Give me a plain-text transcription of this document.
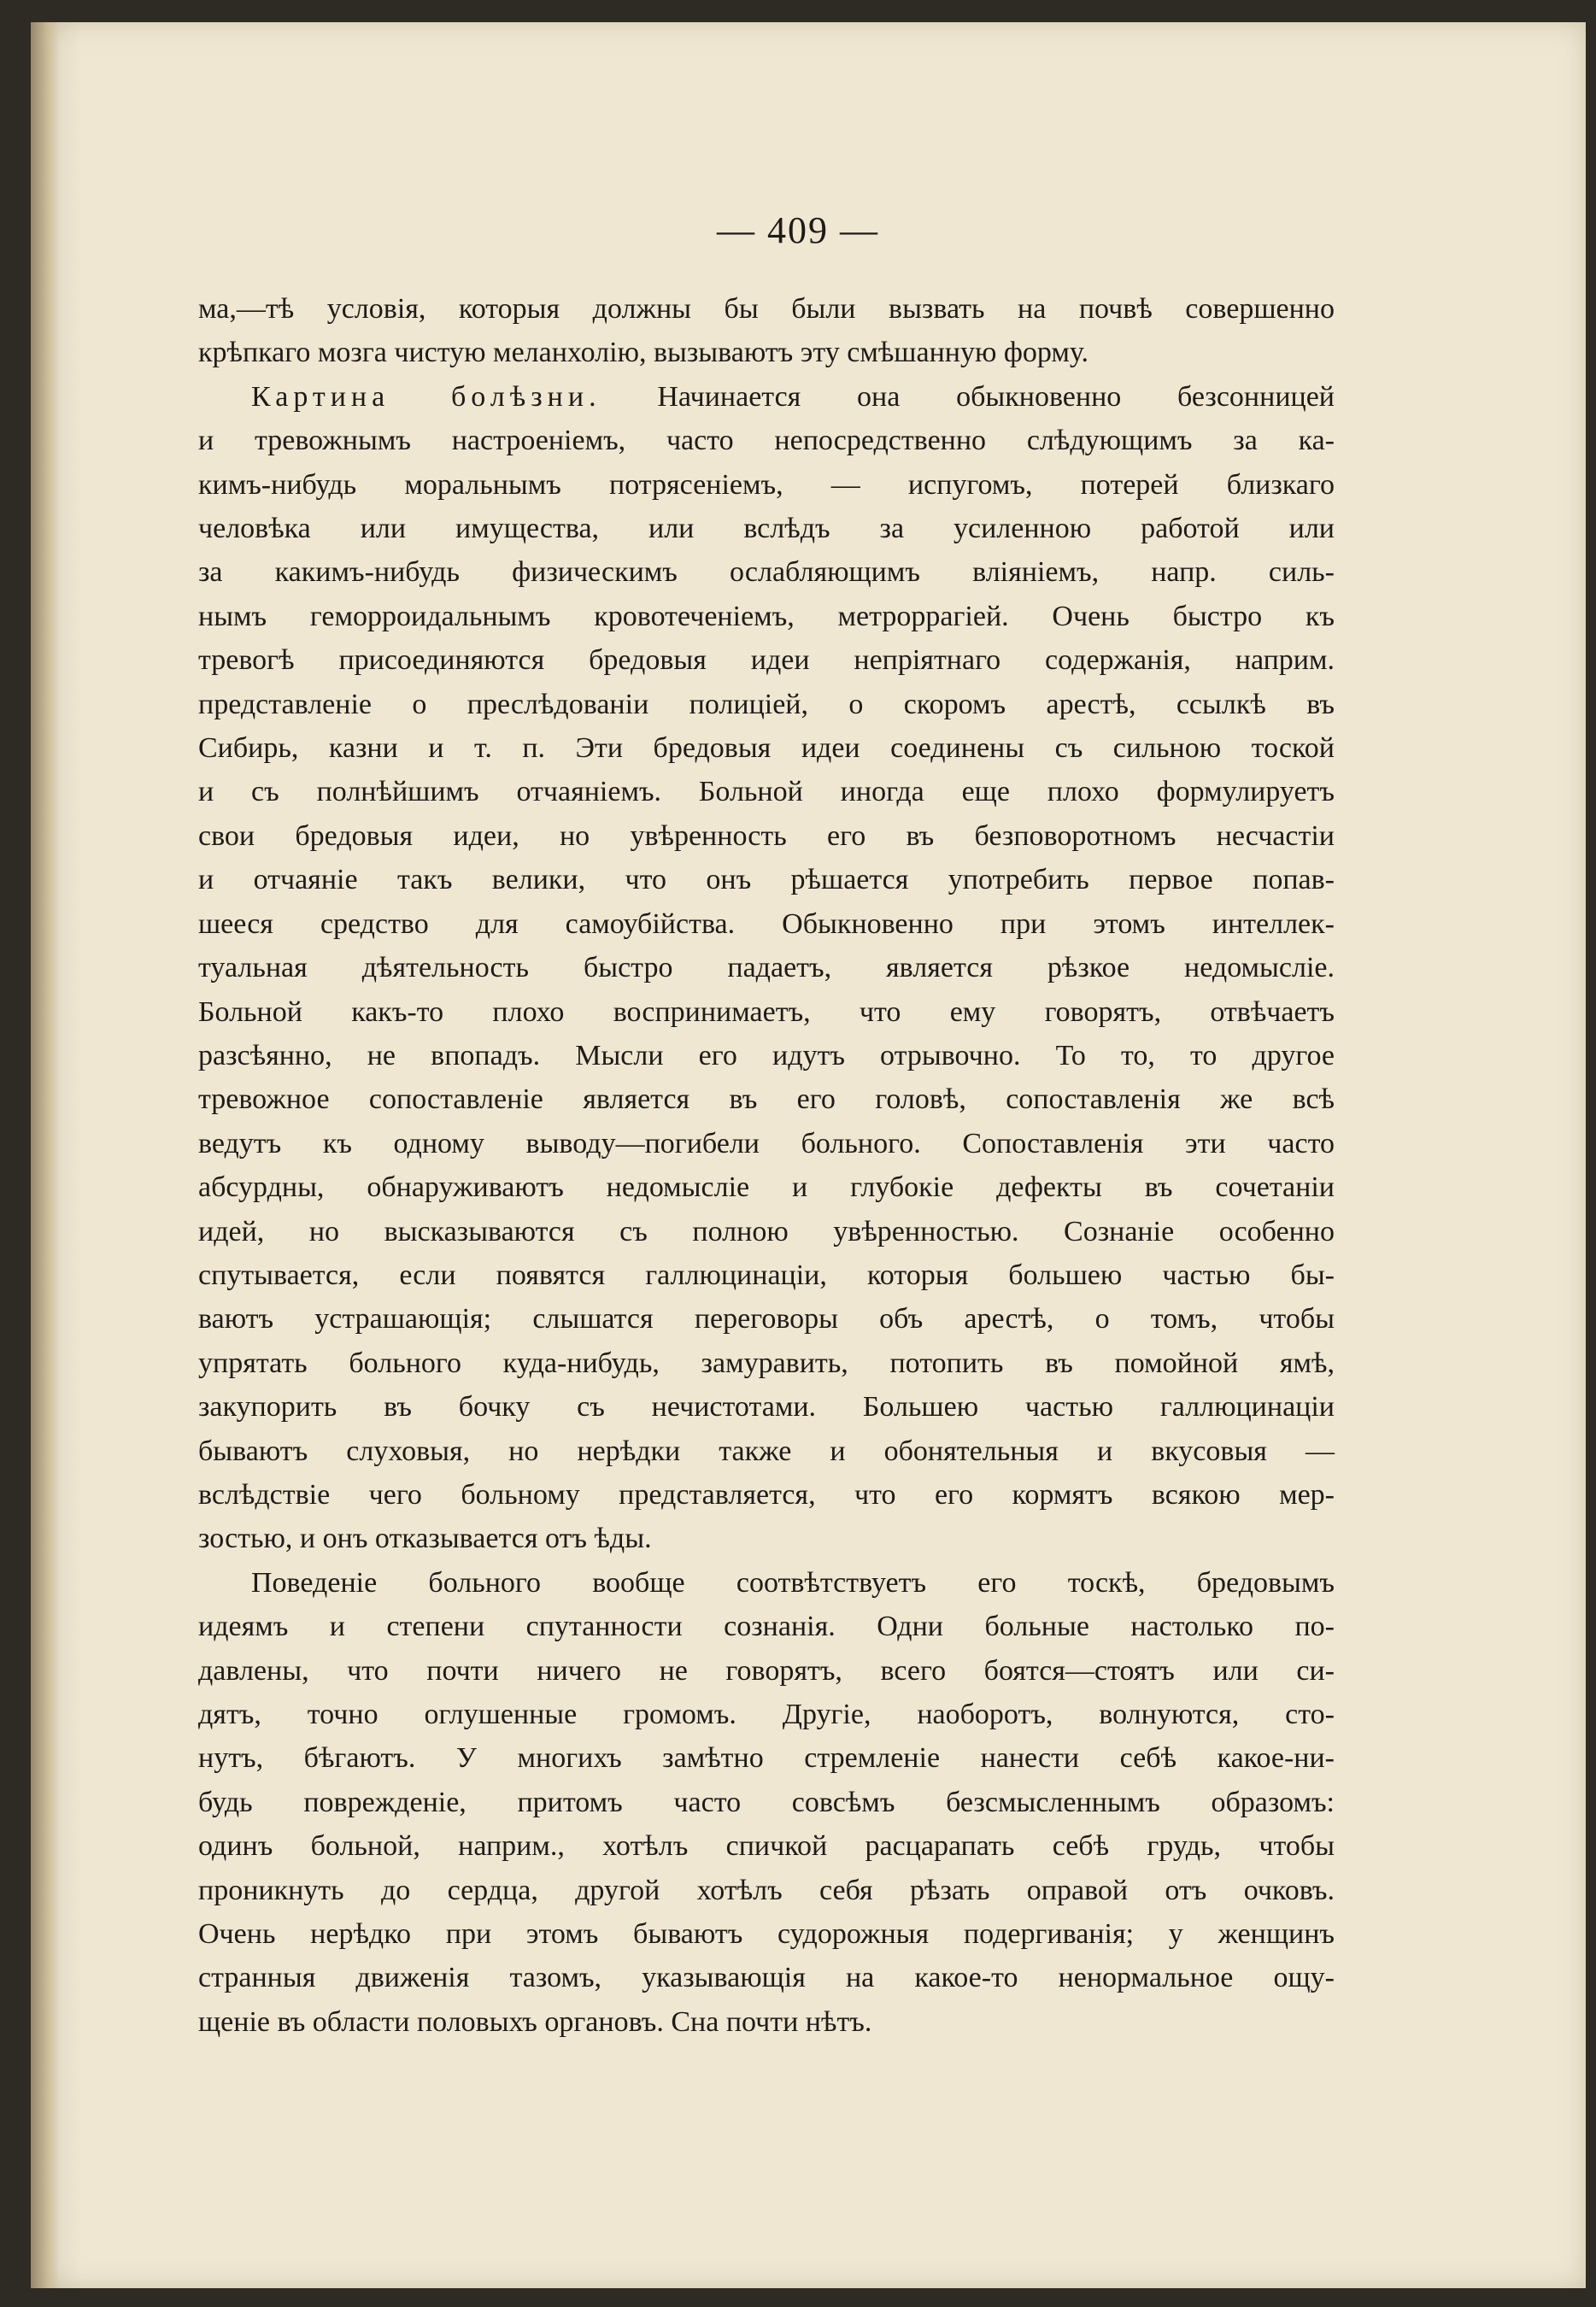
— 409 —

ма,—тѣ условія, которыя должны бы были вызвать на почвѣ совершенно
крѣпкаго мозга чистую меланхолію, вызываютъ эту смѣшанную форму.

Картина болѣзни. Начинается она обыкновенно безсонницей
и тревожнымъ настроеніемъ, часто непосредственно слѣдующимъ за ка-
кимъ-нибудь моральнымъ потрясеніемъ, — испугомъ, потерей близкаго
человѣка или имущества, или вслѣдъ за усиленною работой или
за какимъ-нибудь физическимъ ослабляющимъ вліяніемъ, напр. силь-
нымъ геморроидальнымъ кровотеченіемъ, метроррагіей. Очень быстро къ
тревогѣ присоединяются бредовыя идеи непріятнаго содержанія, наприм.
представленіе о преслѣдованіи полиціей, о скоромъ арестѣ, ссылкѣ въ
Сибирь, казни и т. п. Эти бредовыя идеи соединены съ сильною тоской
и съ полнѣйшимъ отчаяніемъ. Больной иногда еще плохо формулируетъ
свои бредовыя идеи, но увѣренность его въ безповоротномъ несчастіи
и отчаяніе такъ велики, что онъ рѣшается употребить первое попав-
шееся средство для самоубійства. Обыкновенно при этомъ интеллек-
туальная дѣятельность быстро падаетъ, является рѣзкое недомысліе.
Больной какъ-то плохо воспринимаетъ, что ему говорятъ, отвѣчаетъ
разсѣянно, не впопадъ. Мысли его идутъ отрывочно. То то, то другое
тревожное сопоставленіе является въ его головѣ, сопоставленія же всѣ
ведутъ къ одному выводу—погибели больного. Сопоставленія эти часто
абсурдны, обнаруживаютъ недомысліе и глубокіе дефекты въ сочетаніи
идей, но высказываются съ полною увѣренностью. Сознаніе особенно
спутывается, если появятся галлюцинаціи, которыя большею частью бы-
ваютъ устрашающія; слышатся переговоры объ арестѣ, о томъ, чтобы
упрятать больного куда-нибудь, замуравить, потопить въ помойной ямѣ,
закупорить въ бочку съ нечистотами. Большею частью галлюцинаціи
бываютъ слуховыя, но нерѣдки также и обонятельныя и вкусовыя —
вслѣдствіе чего больному представляется, что его кормятъ всякою мер-
зостью, и онъ отказывается отъ ѣды.

Поведеніе больного вообще соотвѣтствуетъ его тоскѣ, бредовымъ
идеямъ и степени спутанности сознанія. Одни больные настолько по-
давлены, что почти ничего не говорятъ, всего боятся—стоятъ или си-
дятъ, точно оглушенные громомъ. Другіе, наоборотъ, волнуются, сто-
нутъ, бѣгаютъ. У многихъ замѣтно стремленіе нанести себѣ какое-ни-
будь поврежденіе, притомъ часто совсѣмъ безсмысленнымъ образомъ:
одинъ больной, наприм., хотѣлъ спичкой расцарапать себѣ грудь, чтобы
проникнуть до сердца, другой хотѣлъ себя рѣзать оправой отъ очковъ.
Очень нерѣдко при этомъ бываютъ судорожныя подергиванія; у женщинъ
странныя движенія тазомъ, указывающія на какое-то ненормальное ощу-
щеніе въ области половыхъ органовъ. Сна почти нѣтъ.
